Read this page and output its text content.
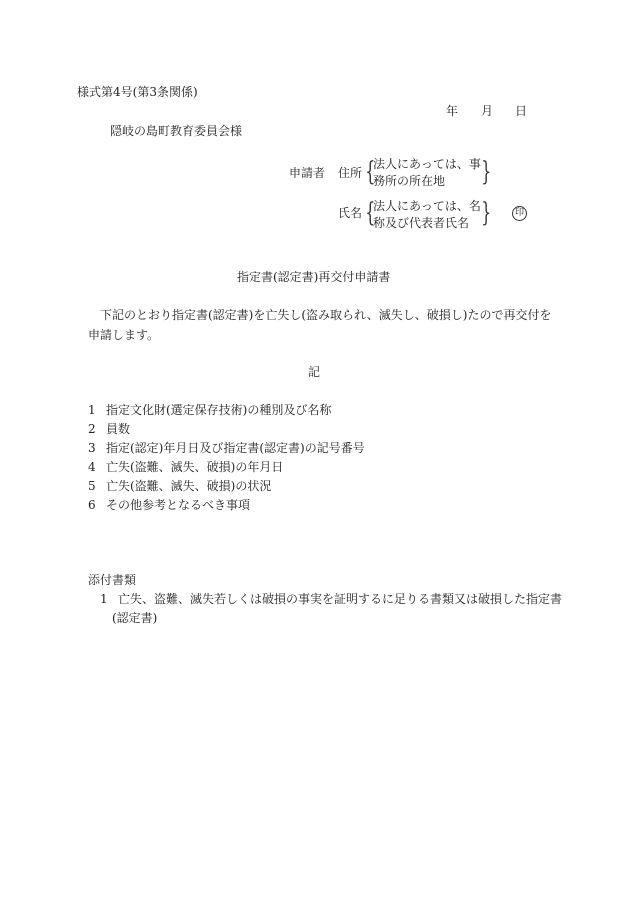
様式第4号(第3条関係)
年 月 日
隠岐の島町教育委員会様
申請者 住所 {
法人にあっては、事
務所の所在地 }
氏名 {
法人にあっては、名
称及び代表者氏名 }	印
指定書(認定書)再交付申請書
下記のとおり指定書(認定書)を亡失し(盗み取られ、滅失し、破損し)たので再交付を
申請します。
記
1 指定文化財(選定保存技術)の種別及び名称
2 員数
3 指定(認定)年月日及び指定書(認定書)の記号番号
4 亡失(盗難、滅失、破損)の年月日
5 亡失(盗難、滅失、破損)の状況
6 その他参考となるべき事項
添付書類
1 亡失、盗難、滅失若しくは破損の事実を証明するに足りる書類又は破損した指定書
(認定書)
